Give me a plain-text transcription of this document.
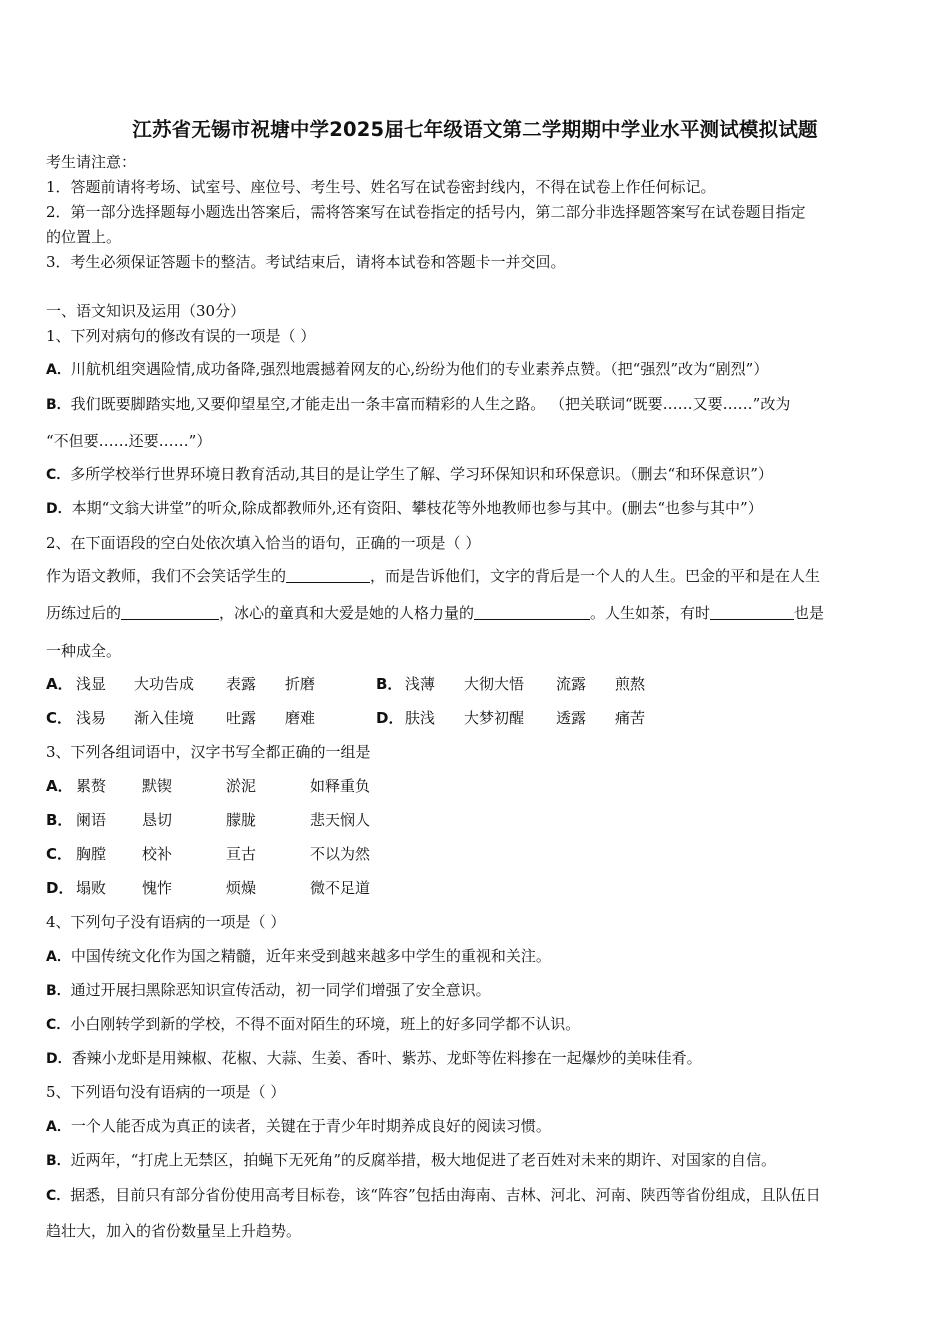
江苏省无锡市祝塘中学2025届七年级语文第二学期期中学业水平测试模拟试题
考生请注意：
1．答题前请将考场、试室号、座位号、考生号、姓名写在试卷密封线内，不得在试卷上作任何标记。
2．第一部分选择题每小题选出答案后，需将答案写在试卷指定的括号内，第二部分非选择题答案写在试卷题目指定
的位置上。
3．考生必须保证答题卡的整洁。考试结束后，请将本试卷和答题卡一并交回。
一、语文知识及运用（30分）
1、下列对病句的修改有误的一项是（ ）
A．川航机组突遇险情,成功备降,强烈地震撼着网友的心,纷纷为他们的专业素养点赞。（把“强烈”改为“剧烈”）
B．我们既要脚踏实地,又要仰望星空,才能走出一条丰富而精彩的人生之路。 （把关联词“既要……又要……”改为
“不但要……还要……”）
C．多所学校举行世界环境日教育活动,其目的是让学生了解、学习环保知识和环保意识。（删去“和环保意识”）
D．本期“文翁大讲堂”的听众,除成都教师外,还有资阳、攀枝花等外地教师也参与其中。(删去“也参与其中”）
2、在下面语段的空白处依次填入恰当的语句，正确的一项是（ ）
作为语文教师，我们不会笑话学生的	，而是告诉他们，文字的背后是一个人的人生。巴金的平和是在人生
历练过后的	，冰心的童真和大爱是她的人格力量的	。人生如茶，有时	也是
一种成全。
A． 浅显 大功告成 表露 折磨	B． 浅薄 大彻大悟 流露 煎熬
C． 浅易 渐入佳境 吐露 磨难	D． 肤浅 大梦初醒 透露 痛苦
3、下列各组词语中，汉字书写全都正确的一组是
A． 累赘 默锲	淤泥	如释重负
B． 阑语 恳切	朦胧	悲天悯人
C． 胸膛 校补	亘古	不以为然
D． 塌败 愧怍	烦燥	微不足道
4、下列句子没有语病的一项是（ ）
A．中国传统文化作为国之精髓，近年来受到越来越多中学生的重视和关注。
B．通过开展扫黑除恶知识宣传活动，初一同学们增强了安全意识。
C．小白刚转学到新的学校，不得不面对陌生的环境，班上的好多同学都不认识。
D．香辣小龙虾是用辣椒、花椒、大蒜、生姜、香叶、紫苏、龙虾等佐料掺在一起爆炒的美味佳肴。
5、下列语句没有语病的一项是（ ）
A．一个人能否成为真正的读者，关键在于青少年时期养成良好的阅读习惯。
B．近两年，“打虎上无禁区，拍蝇下无死角”的反腐举措，极大地促进了老百姓对未来的期许、对国家的自信。
C．据悉，目前只有部分省份使用高考目标卷，该“阵容”包括由海南、吉林、河北、河南、陕西等省份组成，且队伍日
趋壮大，加入的省份数量呈上升趋势。
